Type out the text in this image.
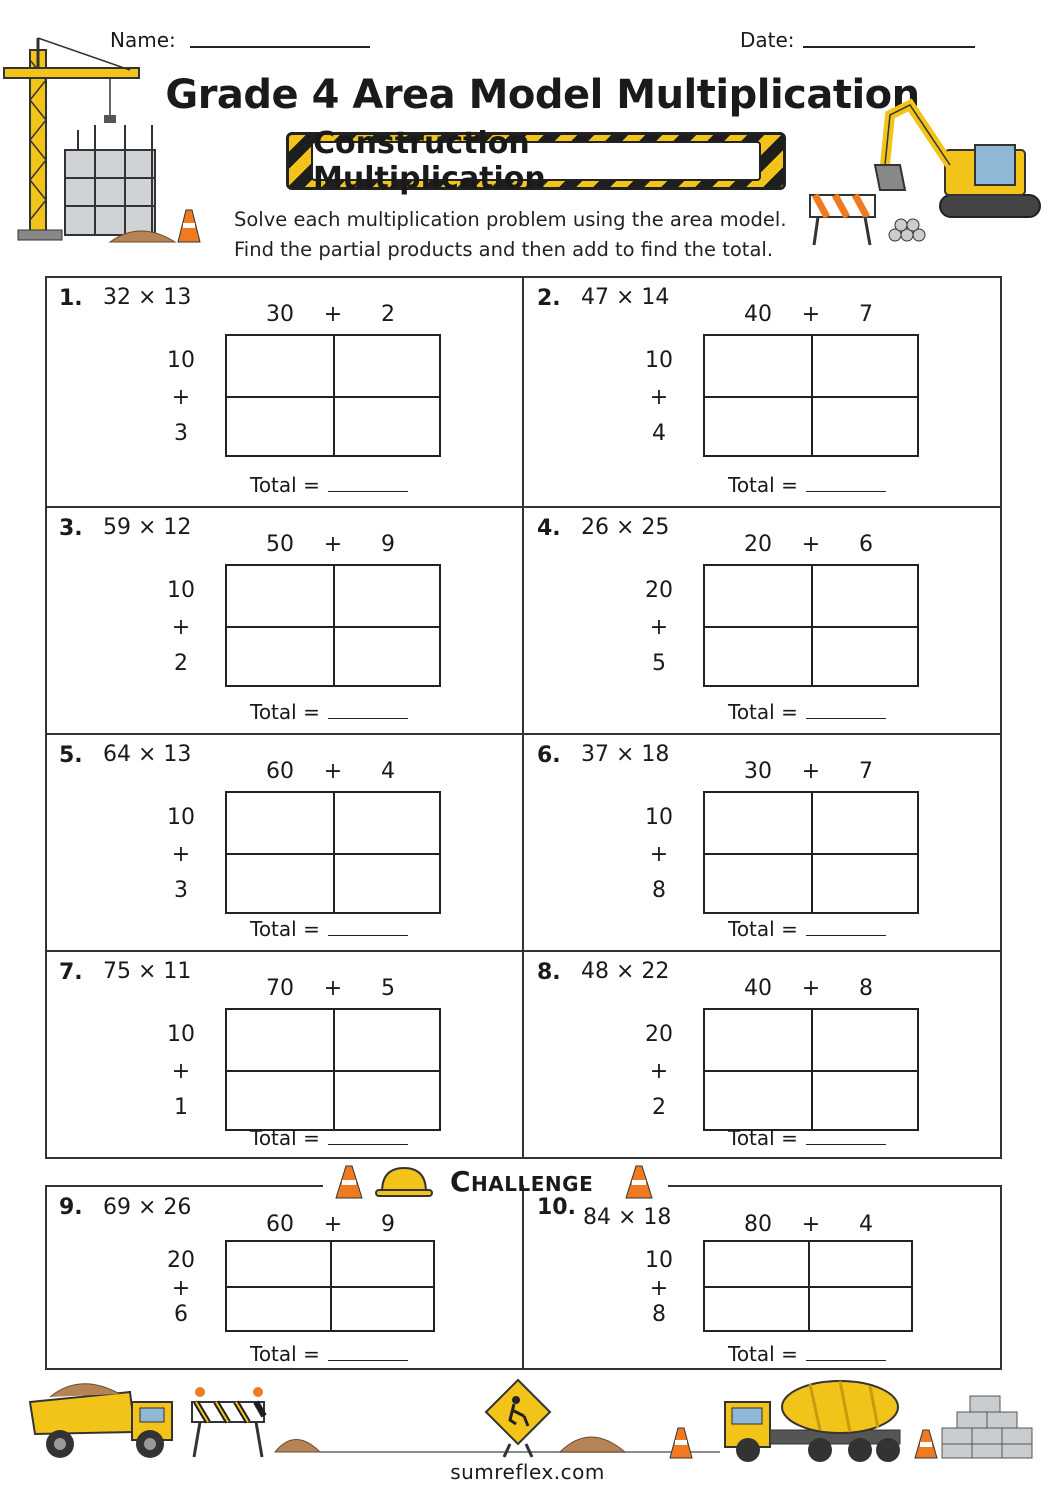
Name:	Date:
Grade 4 Area Model Multiplication
Construction Multiplication
Solve each multiplication problem using the area model.
Find the partial products and then add to find the total.
Challenge
1. 32 × 13
30	+	2
10
+
3
Total =
2. 47 × 14
40	+	7
10
+
4
Total =
3. 59 × 12
50	+	9
10
+
2
Total =
4. 26 × 25
20	+	6
20
+
5
Total =
5. 64 × 13
60	+	4
10
+
3
Total =
6. 37 × 18
30	+	7
10
+
8
Total =
7. 75 × 11
70	+	5
10
+
1
Total =
8. 48 × 22
40	+	8
20
+
2
Total =
9. 69 × 26
60	+	9
20
+
6
Total =
10. 84 × 18	80	+	4
10
+
8
Total =
sumreflex.com
